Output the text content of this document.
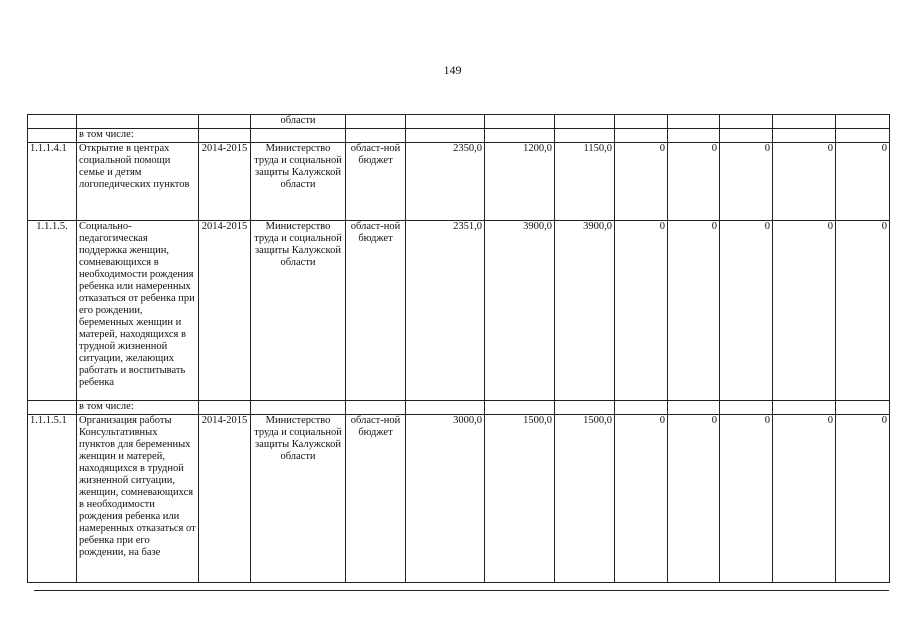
149
			области									
	в том числе:											
1.1.1.4.1	Открытие в центрах социальной помощи семье и детям логопедических пунктов	2014-2015	Министерство труда и социальной защиты Калужской области	област-ной бюджет	2350,0	1200,0	1150,0	0	0	0	0	0
1.1.1.5.	Социально-педагогическая поддержка женщин, сомневающихся в необходимости рождения ребенка или намеренных отказаться от ребенка при его рождении, беременных женщин и матерей, находящихся в трудной жизненной ситуации, желающих работать и воспитывать ребенка	2014-2015	Министерство труда и социальной защиты Калужской области	област-ной бюджет	2351,0	3900,0	3900,0	0	0	0	0	0
	в том числе:											
1.1.1.5.1	Организация работы Консультативных пунктов для беременных женщин и матерей, находящихся в трудной жизненной ситуации, женщин, сомневающихся в необходимости рождения ребенка или намеренных отказаться от ребенка при его рождении, на базе	2014-2015	Министерство труда и социальной защиты Калужской области	област-ной бюджет	3000,0	1500,0	1500,0	0	0	0	0	0
